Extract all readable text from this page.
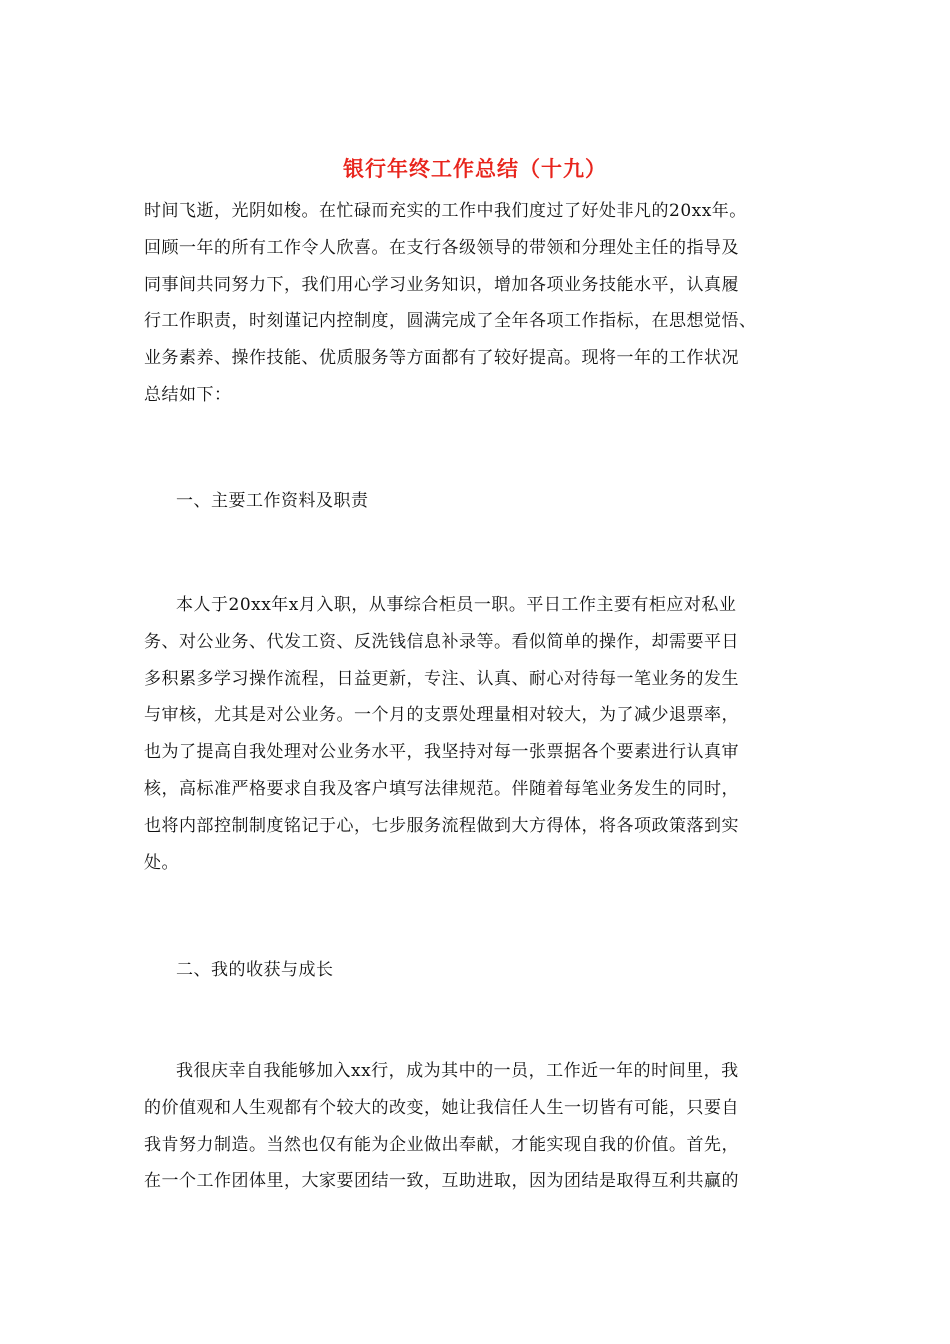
银行年终工作总结（十九）
时间飞逝，光阴如梭。在忙碌而充实的工作中我们度过了好处非凡的20xx年。
回顾一年的所有工作令人欣喜。在支行各级领导的带领和分理处主任的指导及
同事间共同努力下，我们用心学习业务知识，增加各项业务技能水平，认真履
行工作职责，时刻谨记内控制度，圆满完成了全年各项工作指标，在思想觉悟、
业务素养、操作技能、优质服务等方面都有了较好提高。现将一年的工作状况
总结如下：
一、主要工作资料及职责
本人于20xx年x月入职，从事综合柜员一职。平日工作主要有柜应对私业
务、对公业务、代发工资、反洗钱信息补录等。看似简单的操作，却需要平日
多积累多学习操作流程，日益更新，专注、认真、耐心对待每一笔业务的发生
与审核，尤其是对公业务。一个月的支票处理量相对较大，为了减少退票率，
也为了提高自我处理对公业务水平，我坚持对每一张票据各个要素进行认真审
核，高标准严格要求自我及客户填写法律规范。伴随着每笔业务发生的同时，
也将内部控制制度铭记于心，七步服务流程做到大方得体，将各项政策落到实
处。
二、我的收获与成长
我很庆幸自我能够加入xx行，成为其中的一员，工作近一年的时间里，我
的价值观和人生观都有个较大的改变，她让我信任人生一切皆有可能，只要自
我肯努力制造。当然也仅有能为企业做出奉献，才能实现自我的价值。首先，
在一个工作团体里，大家要团结一致，互助进取，因为团结是取得互利共赢的
